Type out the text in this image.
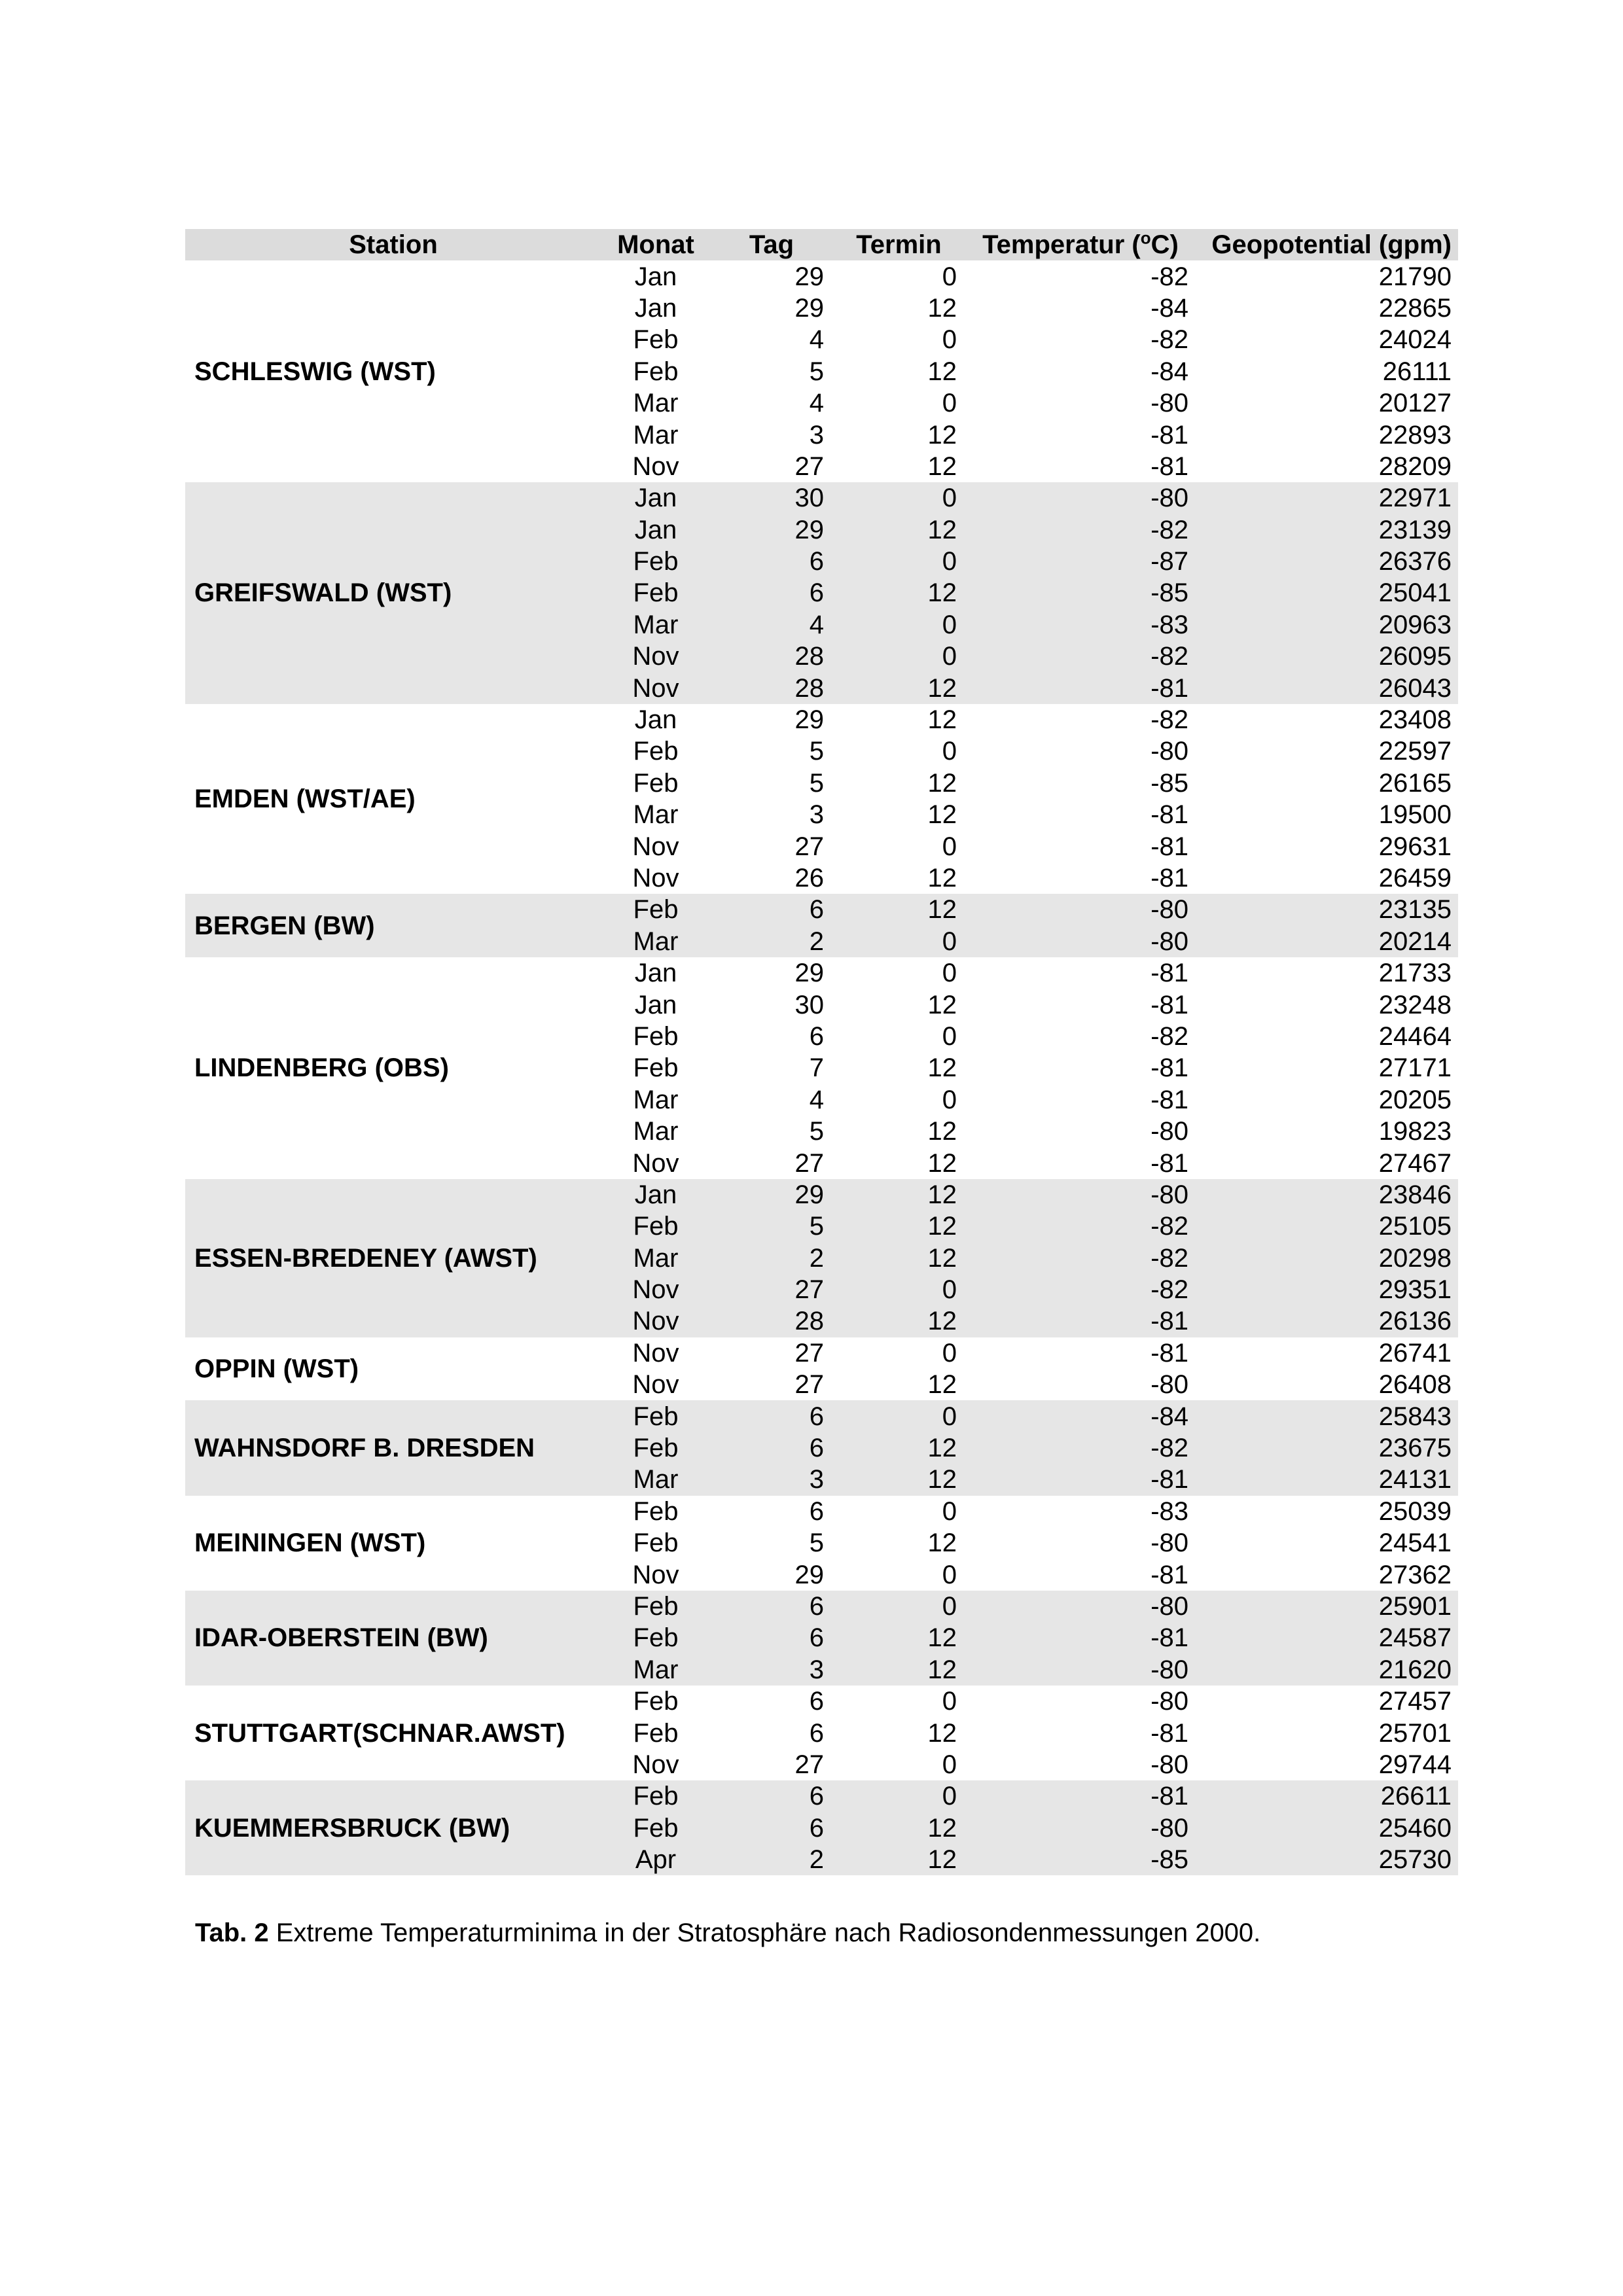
Station	Monat	Tag	Termin	Temperatur ($^o$C)	Geopotential (gpm)
SCHLESWIG (WST)	Jan	29	0	-82	21790
	Jan	29	12	-84	22865
	Feb	4	0	-82	24024
	Feb	5	12	-84	26111
	Mar	4	0	-80	20127
	Mar	3	12	-81	22893
	Nov	27	12	-81	28209
GREIFSWALD (WST)	Jan	30	0	-80	22971
	Jan	29	12	-82	23139
	Feb	6	0	-87	26376
	Feb	6	12	-85	25041
	Mar	4	0	-83	20963
	Nov	28	0	-82	26095
	Nov	28	12	-81	26043
EMDEN (WST/AE)	Jan	29	12	-82	23408
	Feb	5	0	-80	22597
	Feb	5	12	-85	26165
	Mar	3	12	-81	19500
	Nov	27	0	-81	29631
	Nov	26	12	-81	26459
BERGEN (BW)	Feb	6	12	-80	23135
	Mar	2	0	-80	20214
LINDENBERG (OBS)	Jan	29	0	-81	21733
	Jan	30	12	-81	23248
	Feb	6	0	-82	24464
	Feb	7	12	-81	27171
	Mar	4	0	-81	20205
	Mar	5	12	-80	19823
	Nov	27	12	-81	27467
ESSEN-BREDENEY (AWST)	Jan	29	12	-80	23846
	Feb	5	12	-82	25105
	Mar	2	12	-82	20298
	Nov	27	0	-82	29351
	Nov	28	12	-81	26136
OPPIN (WST)	Nov	27	0	-81	26741
	Nov	27	12	-80	26408
WAHNSDORF B. DRESDEN	Feb	6	0	-84	25843
	Feb	6	12	-82	23675
	Mar	3	12	-81	24131
MEININGEN (WST)	Feb	6	0	-83	25039
	Feb	5	12	-80	24541
	Nov	29	0	-81	27362
IDAR-OBERSTEIN (BW)	Feb	6	0	-80	25901
	Feb	6	12	-81	24587
	Mar	3	12	-80	21620
STUTTGART(SCHNAR.AWST)	Feb	6	0	-80	27457
	Feb	6	12	-81	25701
	Nov	27	0	-80	29744
KUEMMERSBRUCK (BW)	Feb	6	0	-81	26611
	Feb	6	12	-80	25460
	Apr	2	12	-85	25730
Tab. 2 Extreme Temperaturminima in der Stratosphäre nach Radiosondenmessungen 2000.
